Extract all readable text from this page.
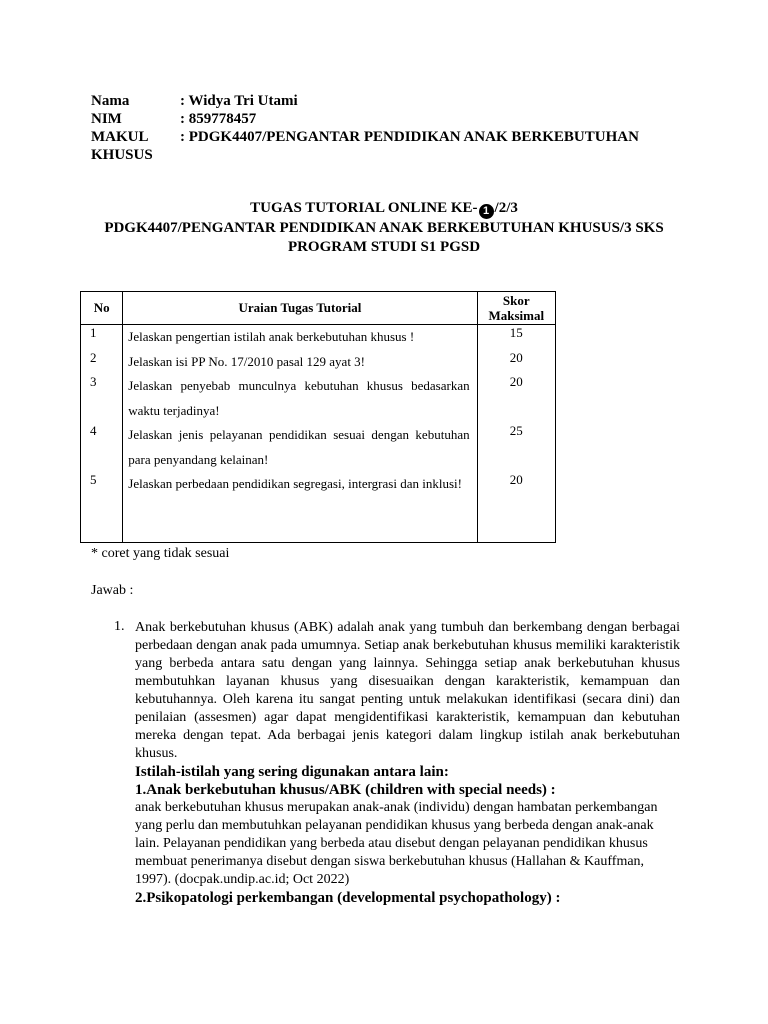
Nama	: Widya Tri Utami
NIM	: 859778457
MAKUL	: PDGK4407/PENGANTAR PENDIDIKAN ANAK BERKEBUTUHAN
KHUSUS
TUGAS TUTORIAL ONLINE KE- 1 /2/3
PDGK4407/PENGANTAR PENDIDIKAN ANAK BERKEBUTUHAN KHUSUS/3 SKS
PROGRAM STUDI S1 PGSD
No	Uraian Tugas Tutorial	Skor
Maksimal

1	Jelaskan pengertian istilah anak berkebutuhan khusus !	15
2	Jelaskan isi PP No. 17/2010 pasal 129 ayat 3!	20
3	Jelaskan penyebab munculnya kebutuhan khusus bedasarkan waktu terjadinya!	20
4	Jelaskan jenis pelayanan pendidikan sesuai dengan kebutuhan para penyandang kelainan!	25
5	Jelaskan perbedaan pendidikan segregasi, intergrasi dan inklusi!	20
* coret yang tidak sesuai
Jawab :
1. Anak berkebutuhan khusus (ABK) adalah anak yang tumbuh dan berkembang dengan berbagai perbedaan dengan anak pada umumnya. Setiap anak berkebutuhan khusus memiliki karakteristik yang berbeda antara satu dengan yang lainnya. Sehingga setiap anak berkebutuhan khusus membutuhkan layanan khusus yang disesuaikan dengan karakteristik, kemampuan dan kebutuhannya. Oleh karena itu sangat penting untuk melakukan identifikasi (secara dini) dan penilaian (assesmen) agar dapat mengidentifikasi karakteristik, kemampuan dan kebutuhan mereka dengan tepat. Ada berbagai jenis kategori dalam lingkup istilah anak berkebutuhan khusus.

Istilah-istilah yang sering digunakan antara lain:

1.Anak berkebutuhan khusus/ABK (children with special needs) :

anak berkebutuhan khusus merupakan anak-anak (individu) dengan hambatan perkembangan yang perlu dan membutuhkan pelayanan pendidikan khusus yang berbeda dengan anak-anak lain. Pelayanan pendidikan yang berbeda atau disebut dengan pelayanan pendidikan khusus membuat penerimanya disebut dengan siswa berkebutuhan khusus (Hallahan & Kauffman, 1997). (docpak.undip.ac.id; Oct 2022)

2.Psikopatologi perkembangan (developmental psychopathology) :
